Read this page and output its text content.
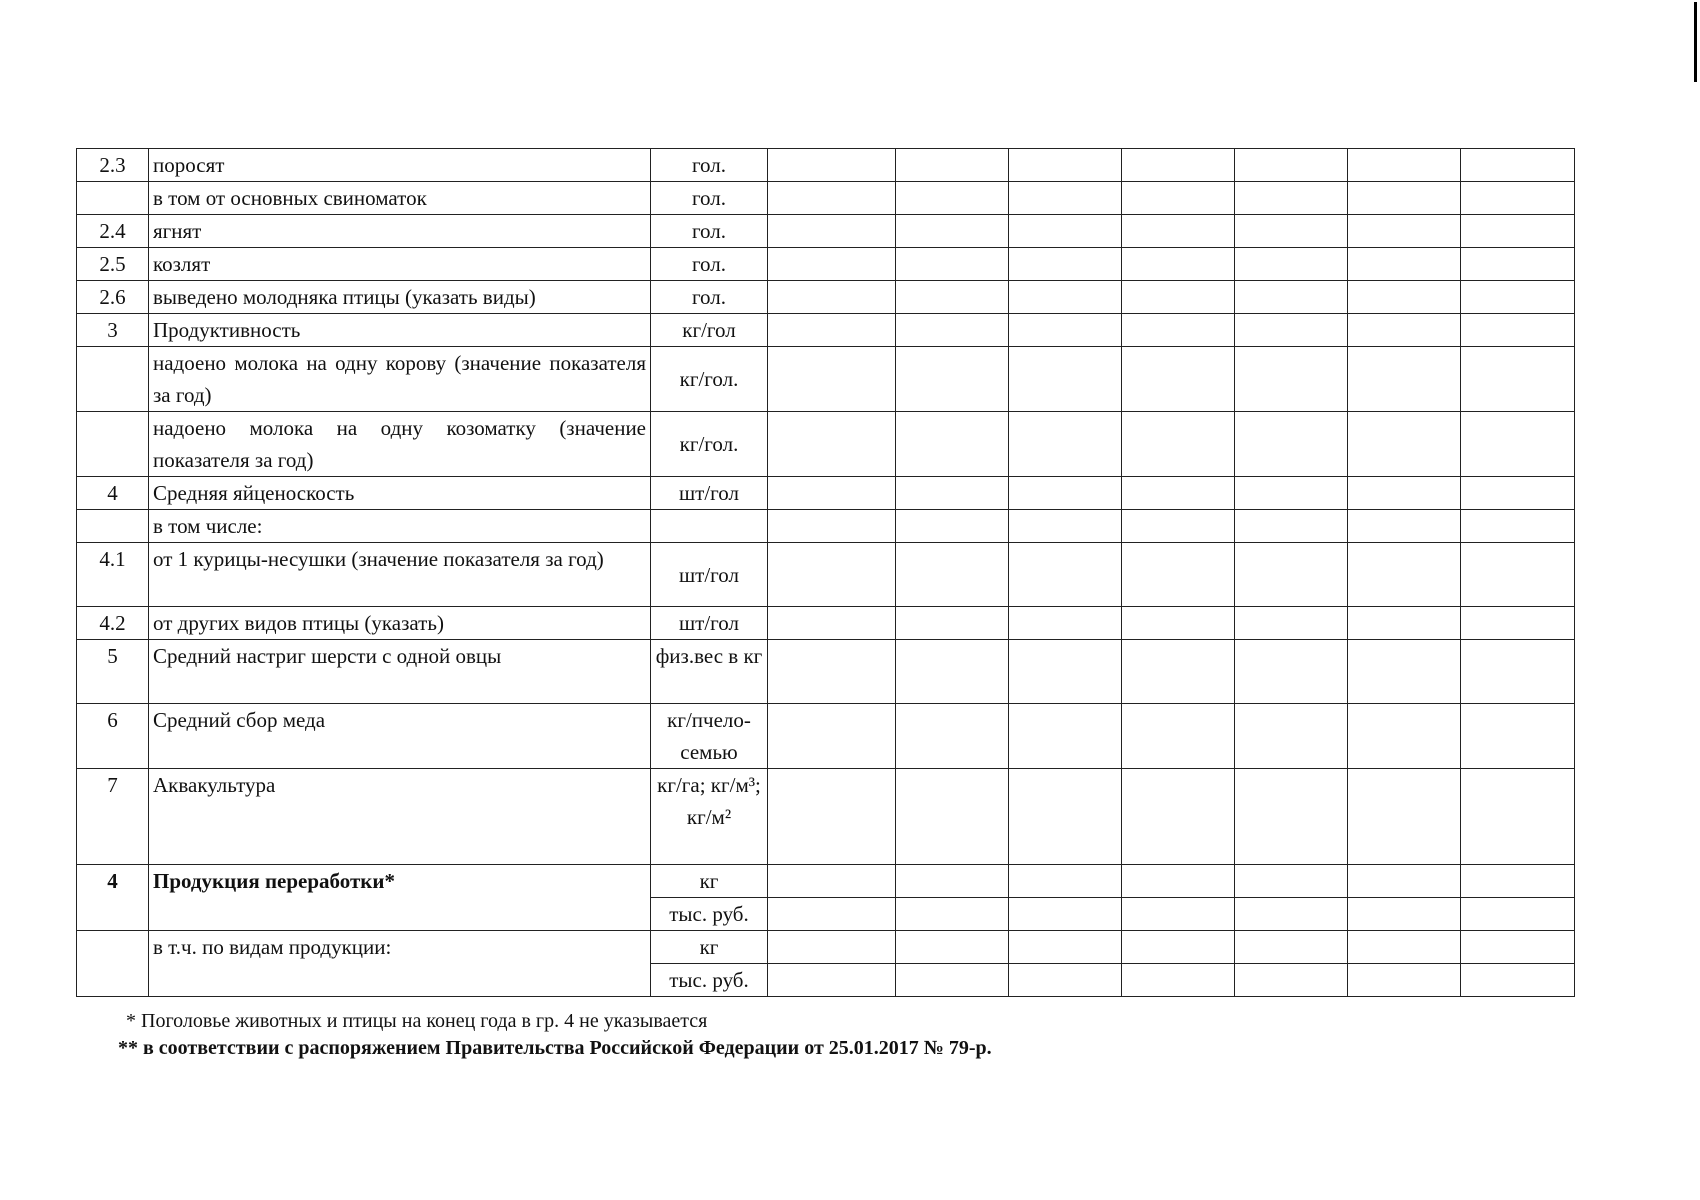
2.3	поросят	гол.							
	в том от основных свиноматок	гол.							
2.4	ягнят	гол.							
2.5	козлят	гол.							
2.6	выведено молодняка птицы (указать виды)	гол.							
3	Продуктивность	кг/гол							
	надоено молока на одну корову (значение показателя за год)	кг/гол.							
	надоено молока на одну козоматку (значение показателя за год)	кг/гол.							
4	Средняя яйценоскость	шт/гол							
	в том числе:								
4.1	от 1 курицы-несушки (значение показателя за год)	шт/гол							
4.2	от других видов птицы (указать)	шт/гол							
5	Средний настриг шерсти с одной овцы	физ.вес в кг							
6	Средний сбор меда	кг/пчело-семью							
7	Аквакультура	кг/га; кг/м³; кг/м²							
4	Продукция переработки*	кг							
		тыс. руб.							
	в т.ч. по видам продукции:	кг							
		тыс. руб.							
* Поголовье животных и птицы на конец года в гр. 4 не указывается
** в соответствии с распоряжением Правительства Российской Федерации от 25.01.2017 № 79-р.
